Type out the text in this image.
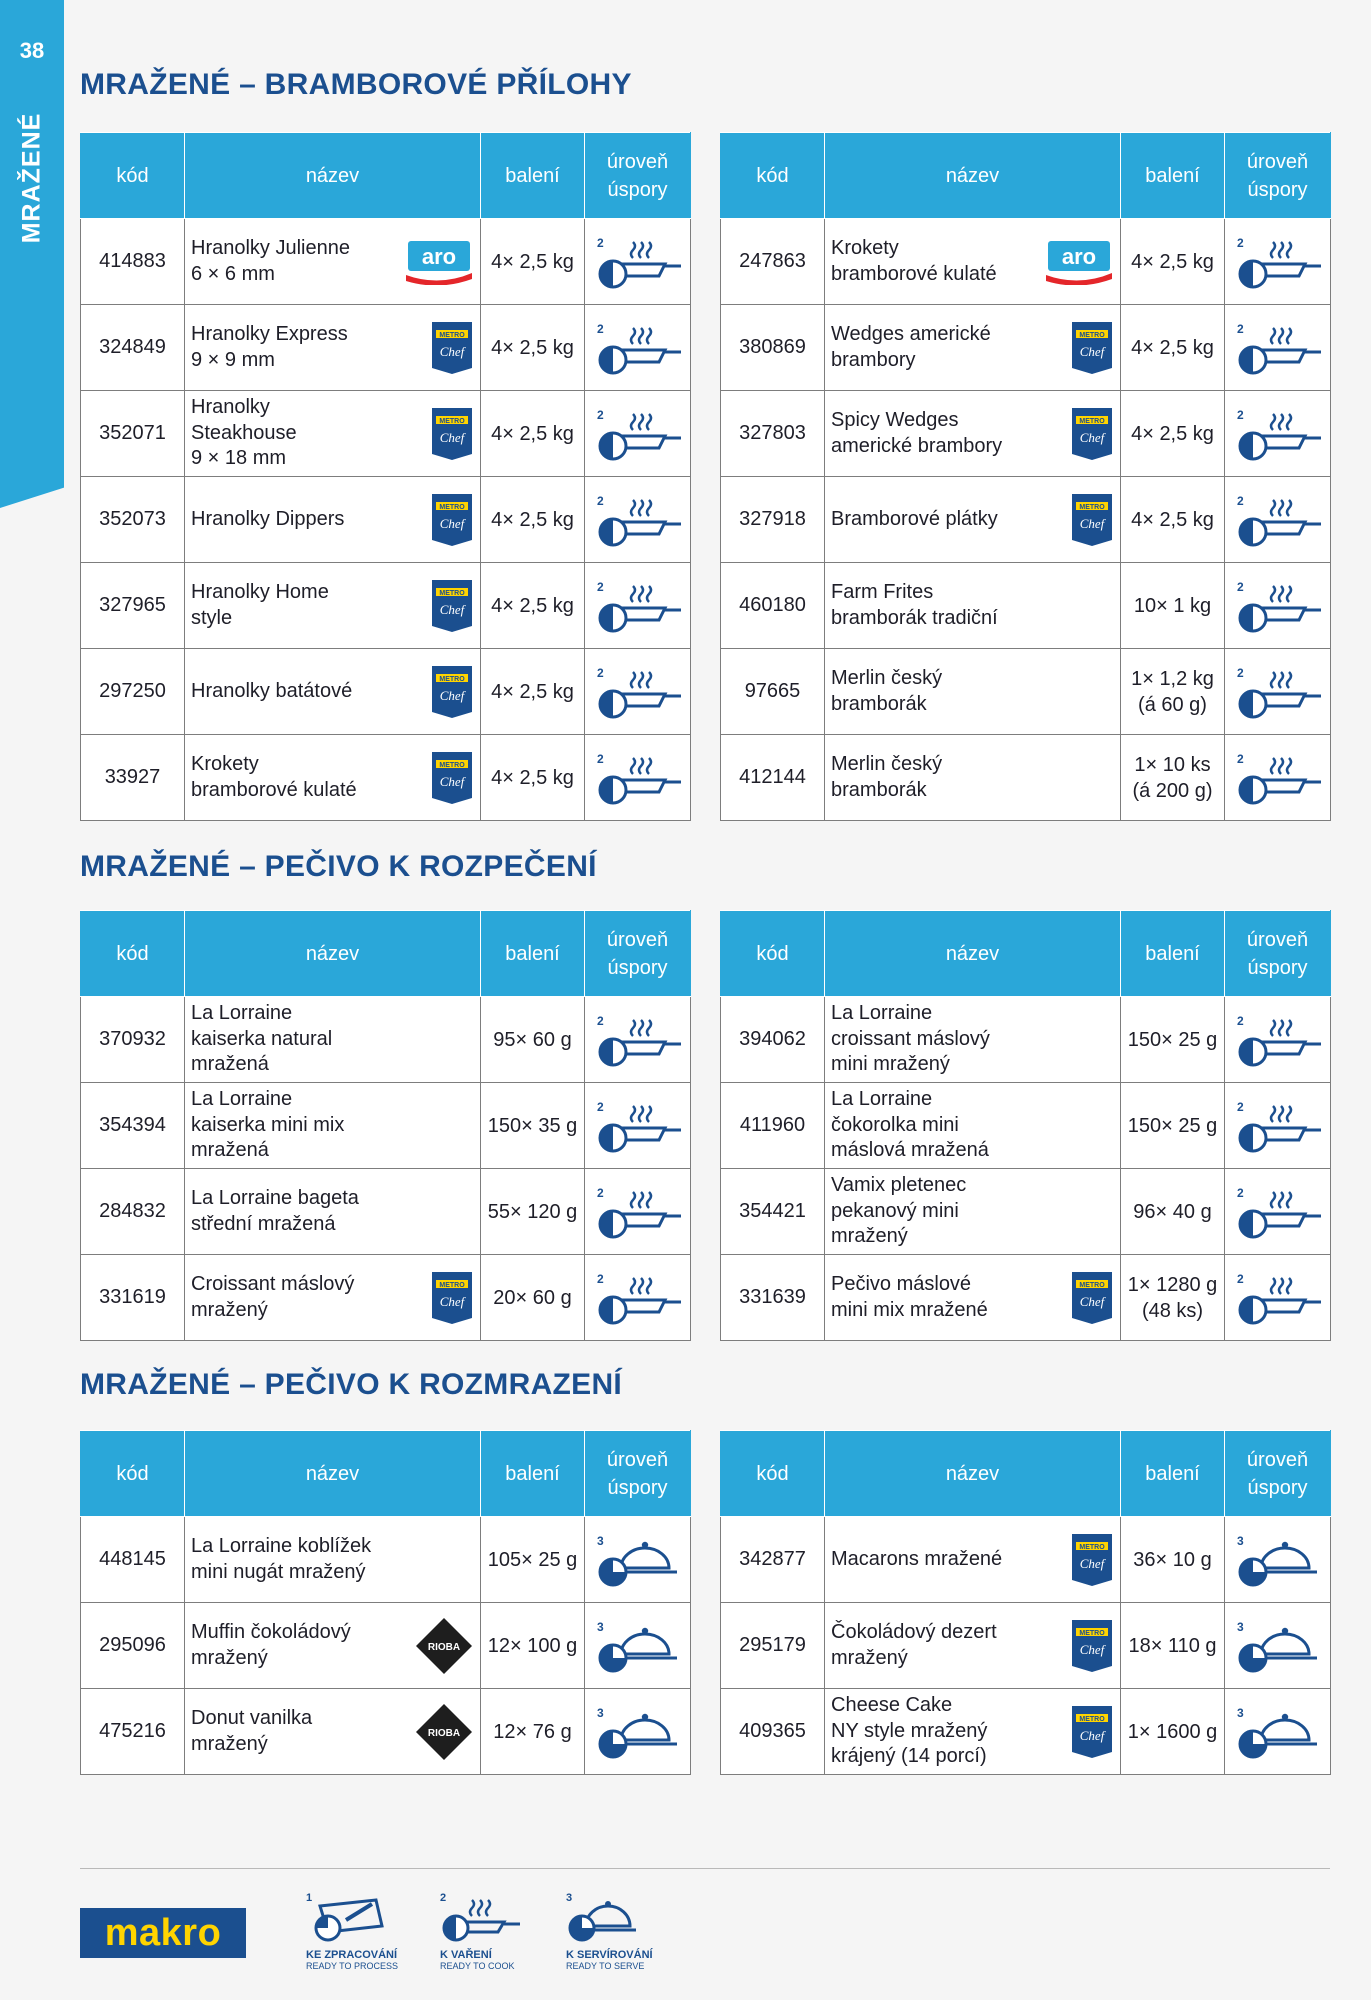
38
MRAŽENÉ
MRAŽENÉ – BRAMBOROVÉ PŘÍLOHY
kód	název	balení	úroveň
úspory
414883	Hranolky Julienne
6 × 6 mm
aro	4× 2,5 kg	2

324849	Hranolky Express
9 × 9 mm
METRO
Chef	4× 2,5 kg	2

352071	Hranolky
Steakhouse
9 × 18 mm
METRO
Chef	4× 2,5 kg	2

352073	Hranolky Dippers
METRO
Chef	4× 2,5 kg	2

327965	Hranolky Home
style
METRO
Chef	4× 2,5 kg	2

297250	Hranolky batátové
METRO
Chef	4× 2,5 kg	2

33927	Krokety
bramborové kulaté
METRO
Chef	4× 2,5 kg	2
kód	název	balení	úroveň
úspory
247863	Krokety
bramborové kulaté
aro	4× 2,5 kg	2

380869	Wedges americké
brambory
METRO
Chef	4× 2,5 kg	2

327803	Spicy Wedges
americké brambory
METRO
Chef	4× 2,5 kg	2

327918	Bramborové plátky
METRO
Chef	4× 2,5 kg	2

460180	Farm Frites
bramborák tradiční	10× 1 kg	2

97665	Merlin český
bramborák	1× 1,2 kg
(á 60 g)	2

412144	Merlin český
bramborák	1× 10 ks
(á 200 g)	2
MRAŽENÉ – PEČIVO K ROZPEČENÍ
kód	název	balení	úroveň
úspory
370932	La Lorraine
kaiserka natural
mražená	95× 60 g	2

354394	La Lorraine
kaiserka mini mix
mražená	150× 35 g	2

284832	La Lorraine bageta
střední mražená	55× 120 g	2

331619	Croissant máslový
mražený
METRO
Chef	20× 60 g	2
kód	název	balení	úroveň
úspory
394062	La Lorraine
croissant máslový
mini mražený	150× 25 g	2

411960	La Lorraine
čokorolka mini
máslová mražená	150× 25 g	2

354421	Vamix pletenec
pekanový mini
mražený	96× 40 g	2

331639	Pečivo máslové
mini mix mražené
METRO
Chef	1× 1280 g
(48 ks)	2
MRAŽENÉ – PEČIVO K ROZMRAZENÍ
kód	název	balení	úroveň
úspory
448145	La Lorraine koblížek
mini nugát mražený	105× 25 g	3

295096	Muffin čokoládový
mražený RIOBA	12× 100 g	3

475216	Donut vanilka
mražený RIOBA	12× 76 g	3
kód	název	balení	úroveň
úspory
342877	Macarons mražené
METRO
Chef	36× 10 g	3

295179	Čokoládový dezert
mražený
METRO
Chef	18× 110 g	3

409365	Cheese Cake
NY style mražený
krájený (14 porcí)
METRO
Chef	1× 1600 g	3
makro
1
KE ZPRACOVÁNÍ
READY TO PROCESS
2
K VAŘENÍ
READY TO COOK
3
K SERVÍROVÁNÍ
READY TO SERVE
